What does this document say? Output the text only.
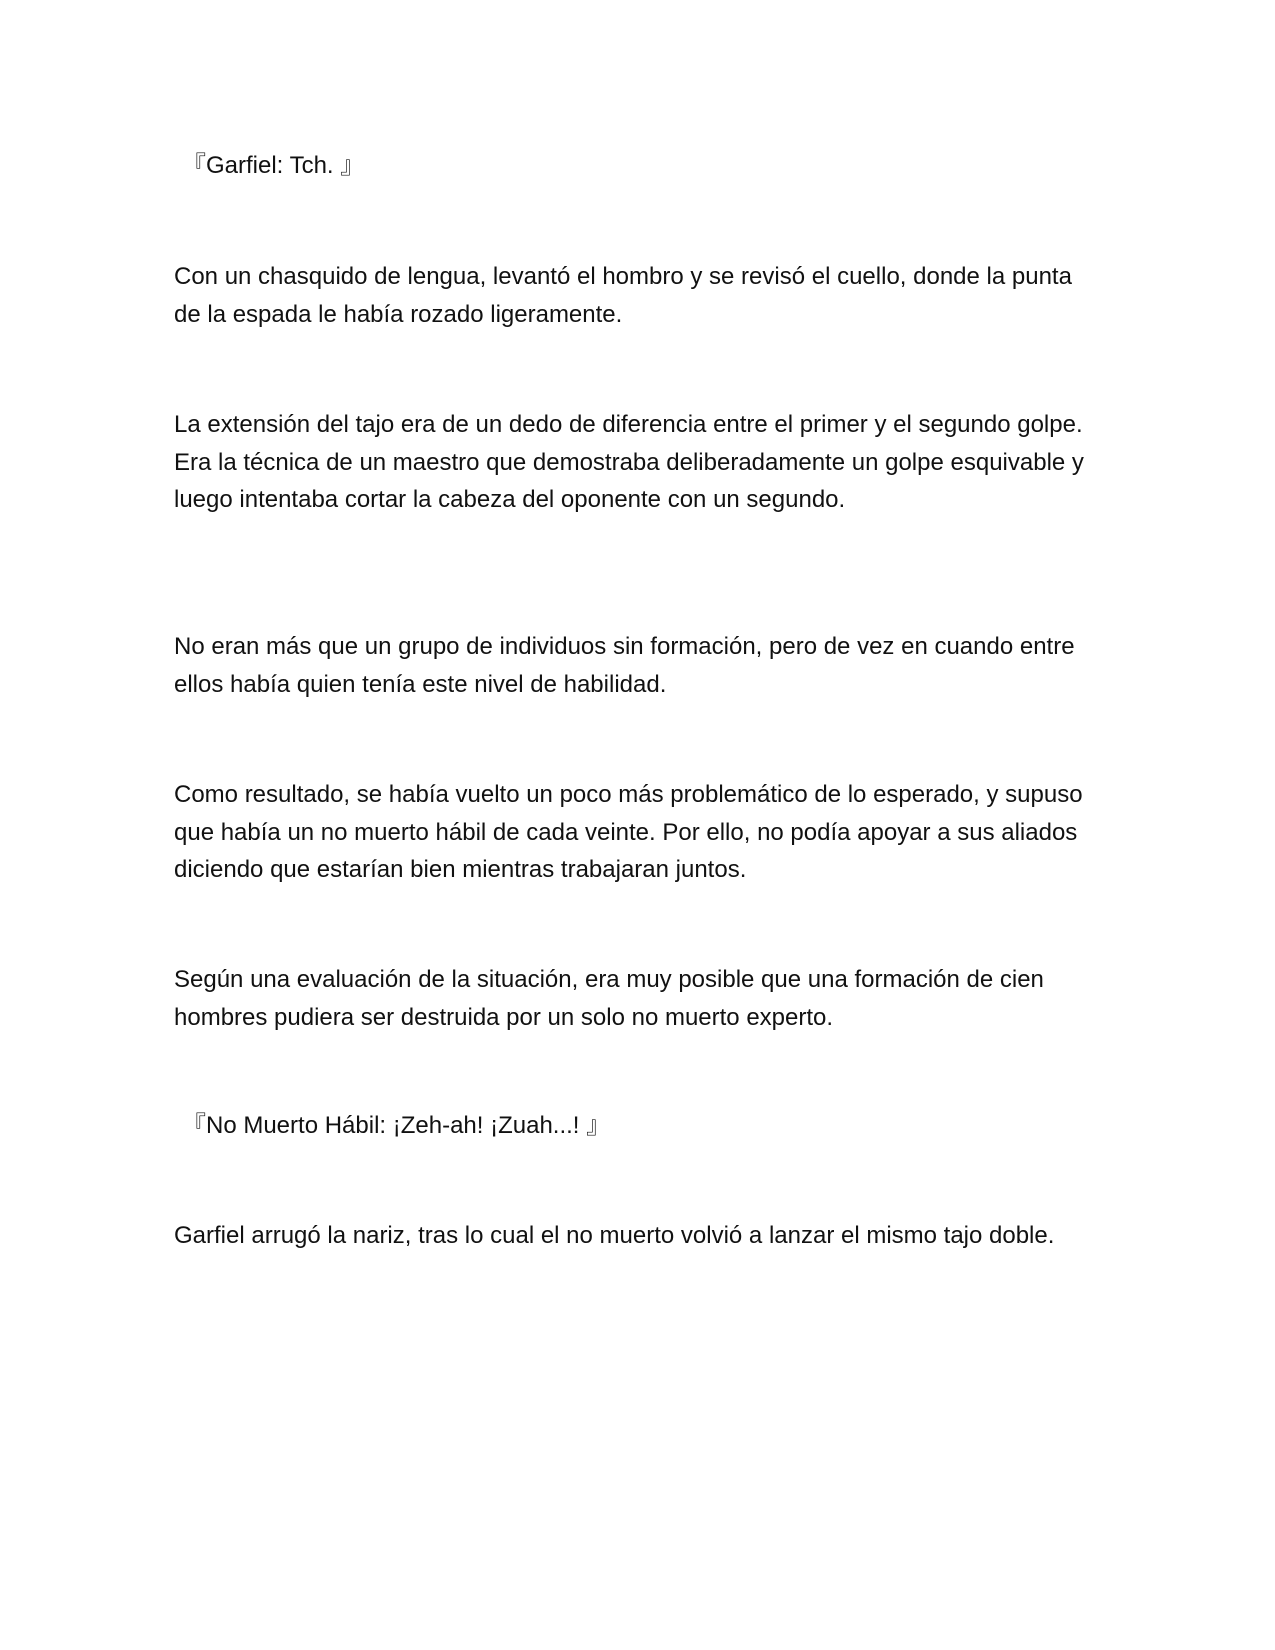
『Garfiel: Tch. 』

Con un chasquido de lengua, levantó el hombro y se revisó el cuello, donde la punta de la espada le había rozado ligeramente.

La extensión del tajo era de un dedo de diferencia entre el primer y el segundo golpe. Era la técnica de un maestro que demostraba deliberadamente un golpe esquivable y luego intentaba cortar la cabeza del oponente con un segundo.

No eran más que un grupo de individuos sin formación, pero de vez en cuando entre ellos había quien tenía este nivel de habilidad.

Como resultado, se había vuelto un poco más problemático de lo esperado, y supuso que había un no muerto hábil de cada veinte. Por ello, no podía apoyar a sus aliados diciendo que estarían bien mientras trabajaran juntos.

Según una evaluación de la situación, era muy posible que una formación de cien hombres pudiera ser destruida por un solo no muerto experto.

『No Muerto Hábil: ¡Zeh-ah! ¡Zuah...! 』

Garfiel arrugó la nariz, tras lo cual el no muerto volvió a lanzar el mismo tajo doble.
